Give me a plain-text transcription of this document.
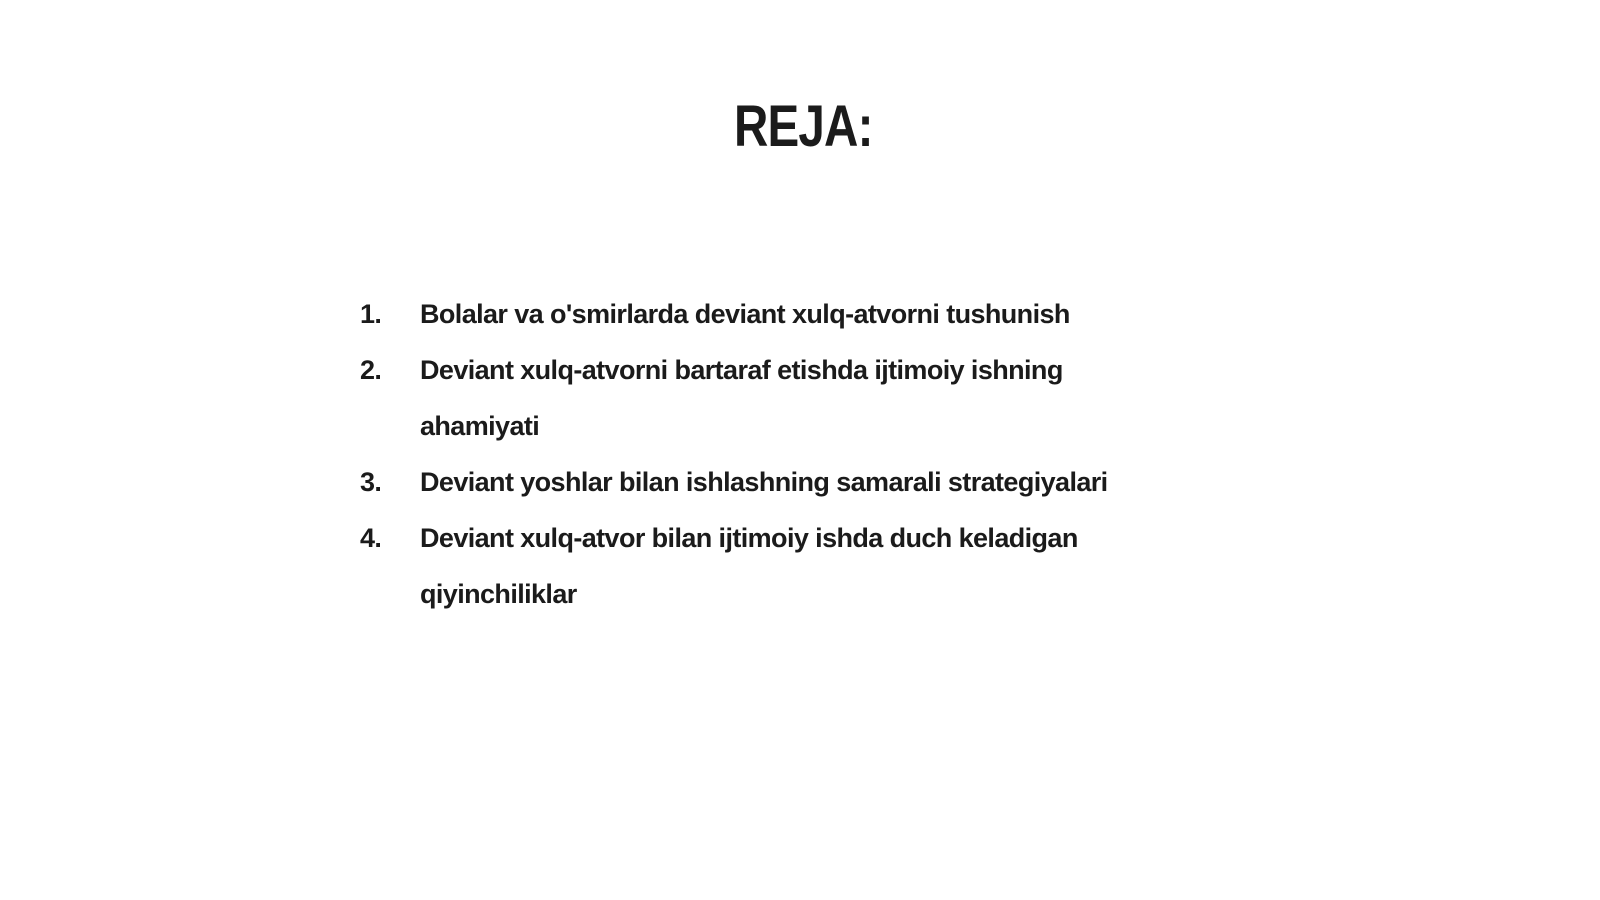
REJA:
1.	Bolalar va o'smirlarda deviant xulq-atvorni tushunish
2.	Deviant xulq-atvorni bartaraf etishda ijtimoiy ishning ahamiyati
3.	Deviant yoshlar bilan ishlashning samarali strategiyalari
4.	Deviant xulq-atvor bilan ijtimoiy ishda duch keladigan qiyinchiliklar
